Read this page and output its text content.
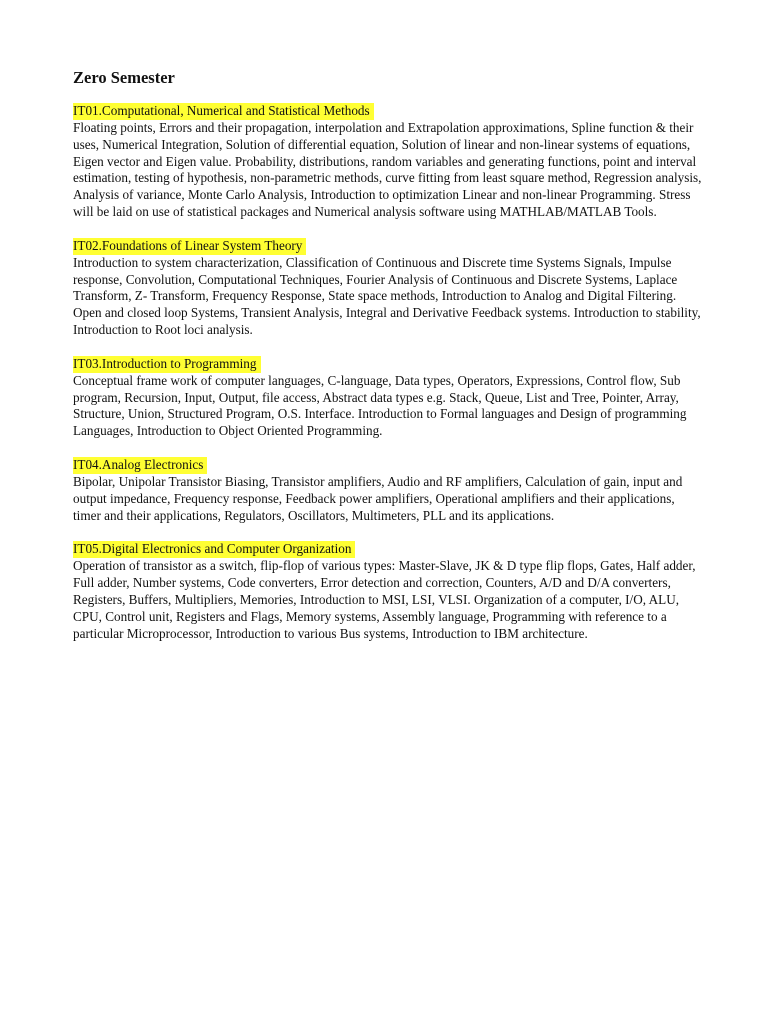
Zero Semester
IT01.Computational, Numerical and Statistical Methods

Floating points, Errors and their propagation, interpolation and Extrapolation approximations, Spline function & their uses, Numerical Integration, Solution of differential equation, Solution of linear and non-linear systems of equations, Eigen vector and Eigen value. Probability, distributions, random variables and generating functions, point and interval estimation, testing of hypothesis, non-parametric methods, curve fitting from least square method, Regression analysis, Analysis of variance, Monte Carlo Analysis, Introduction to optimization Linear and non-linear Programming. Stress will be laid on use of statistical packages and Numerical analysis software using MATHLAB/MATLAB Tools.

IT02.Foundations of Linear System Theory

Introduction to system characterization, Classification of Continuous and Discrete time Systems Signals, Impulse response, Convolution, Computational Techniques, Fourier Analysis of Continuous and Discrete Systems, Laplace Transform, Z- Transform, Frequency Response, State space methods, Introduction to Analog and Digital Filtering. Open and closed loop Systems, Transient Analysis, Integral and Derivative Feedback systems. Introduction to stability, Introduction to Root loci analysis.

IT03.Introduction to Programming

Conceptual frame work of computer languages, C-language, Data types, Operators, Expressions, Control flow, Sub program, Recursion, Input, Output, file access, Abstract data types e.g. Stack, Queue, List and Tree, Pointer, Array, Structure, Union, Structured Program, O.S. Interface. Introduction to Formal languages and Design of programming Languages, Introduction to Object Oriented Programming.

IT04.Analog Electronics

Bipolar, Unipolar Transistor Biasing, Transistor amplifiers, Audio and RF amplifiers, Calculation of gain, input and output impedance, Frequency response, Feedback power amplifiers, Operational amplifiers and their applications, timer and their applications, Regulators, Oscillators, Multimeters, PLL and its applications.

IT05.Digital Electronics and Computer Organization

Operation of transistor as a switch, flip-flop of various types: Master-Slave, JK & D type flip flops, Gates, Half adder, Full adder, Number systems, Code converters, Error detection and correction, Counters, A/D and D/A converters, Registers, Buffers, Multipliers, Memories, Introduction to MSI, LSI, VLSI. Organization of a computer, I/O, ALU, CPU, Control unit, Registers and Flags, Memory systems, Assembly language, Programming with reference to a particular Microprocessor, Introduction to various Bus systems, Introduction to IBM architecture.
